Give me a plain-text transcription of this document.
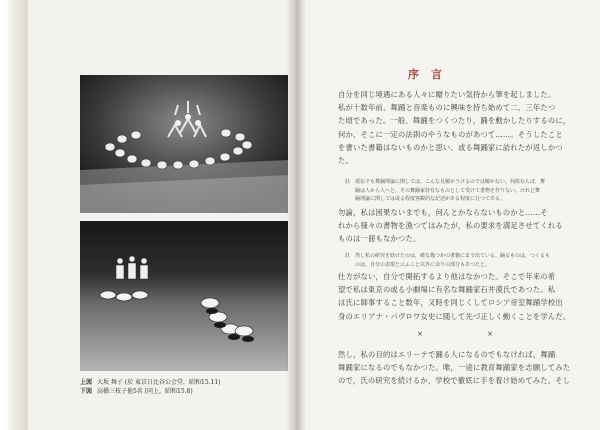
上図 大坂 舞子 (於 東京日比谷公会堂，昭和15.11)
下図 高橋三枝子他5名 (同上，昭和15.8)
序言

自分を同じ境遇にある人々に贈りたい気持から筆を起しました。

私が十数年前、舞踊と音楽ものに興味を持ち始めて二、三年たつ

た頃であった。一般、舞踊をつくつたり，踊を動かしたりするのに，

何か、そこに一定の法則のやうなものがあつて……。そうしたこと

を書いた書籍はないものかと思い、或る舞踊家に訪れたが返しかつ

た。

註　現在でも舞踊理論に関しては，こんな見解がうけるのでは解かない。何故ならば，舞

　　踊は人から人へと，その舞踊家特有なものとして受けて書物を作りない。けれど舞

　　踊理論に関しては或る程度客観的な記述がある程度に行つてある。

勿論，私は困果ないまでも，何んとかならないものかと……そ

れから様々の書物を漁つてはみたが，私の要求を満足させてくれる

ものは一冊もなかつた。

註　然し私の研究を助けたのは，確な幾つかの書籍にまで出ている。踊るものは，つくるも

　　のは，自分の表現と云ふこと以外に余りの部分もあつたと。

仕方がない，自分で開拓するより他はなかつた。そこで年来の希

望で私は東京の或る小劇場に有名な舞踊家石井漠氏であつた。私

は氏に師事すること数年，又時を同じくしてロシア帝室舞踊学校出

身のエリアナ・パヴロワ女史に随して先づ正しく動くことを学んだ。

×	×

然し，私の目的はエリーテで踊る人になるのでもなければ，舞踊

舞踊家になるのでもなかつた。唯，一途に教育舞踊家を志願してみた

ので，氏の研究を続けるか，学校で徹底に手を着け始めてみた。そし
